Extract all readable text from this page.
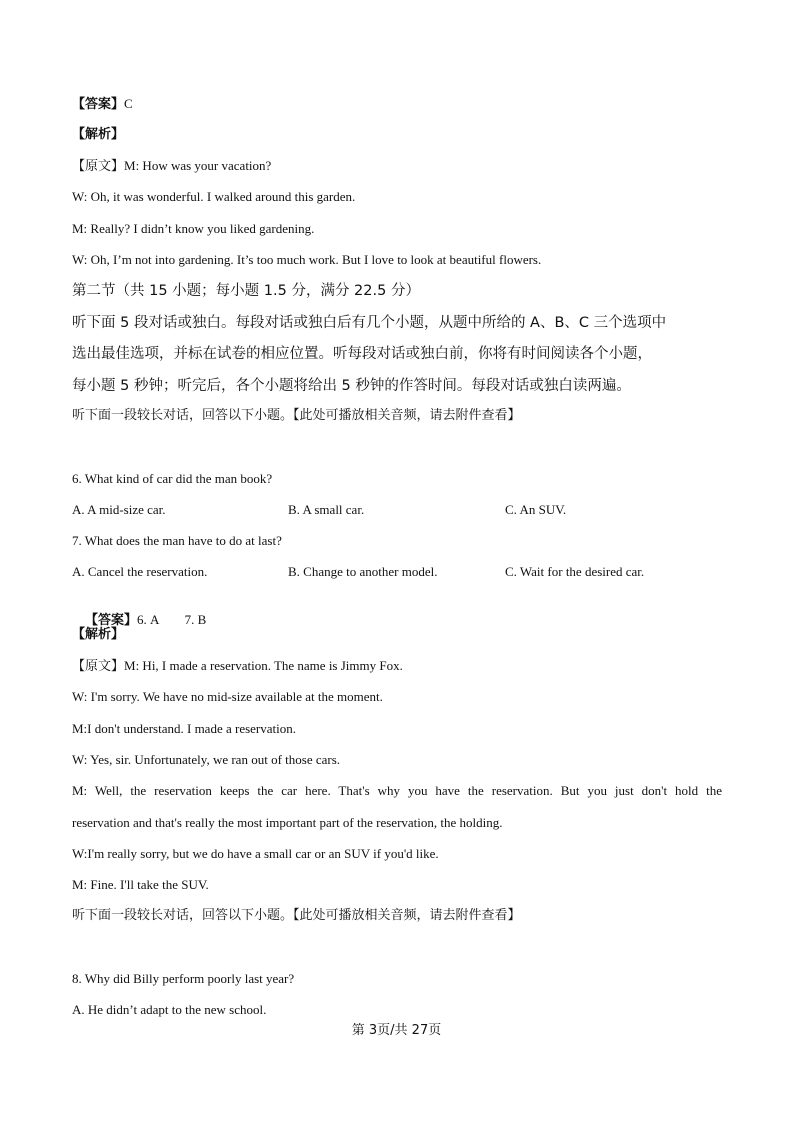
【答案】C
【解析】
【原文】M: How was your vacation?
W: Oh, it was wonderful. I walked around this garden.
M: Really? I didn’t know you liked gardening.
W: Oh, I’m not into gardening. It’s too much work. But I love to look at beautiful flowers.
第二节（共 15 小题；每小题 1.5 分，满分 22.5 分）
听下面 5 段对话或独白。每段对话或独白后有几个小题，从题中所给的 A、B、C 三个选项中
选出最佳选项，并标在试卷的相应位置。听每段对话或独白前，你将有时间阅读各个小题，
每小题 5 秒钟；听完后，各个小题将给出 5 秒钟的作答时间。每段对话或独白读两遍。
听下面一段较长对话，回答以下小题。【此处可播放相关音频，请去附件查看】
6. What kind of car did the man book?
A. A mid-size car.	B. A small car.	C. An SUV.
7. What does the man have to do at last?
A. Cancel the reservation.	B. Change to another model.	C. Wait for the desired car.

【答案】6. A        7. B

【解析】
【原文】M: Hi, I made a reservation. The name is Jimmy Fox.
W: I'm sorry. We have no mid-size available at the moment.
M:I don't understand. I made a reservation.
W: Yes, sir. Unfortunately, we ran out of those cars.
M: Well, the reservation keeps the car here. That's why you have the reservation. But you just don't hold the
reservation and that's really the most important part of the reservation, the holding.
W:I'm really sorry, but we do have a small car or an SUV if you'd like.
M: Fine. I'll take the SUV.
听下面一段较长对话，回答以下小题。【此处可播放相关音频，请去附件查看】
8. Why did Billy perform poorly last year?
A. He didn’t adapt to the new school.
第 3页/共 27页
